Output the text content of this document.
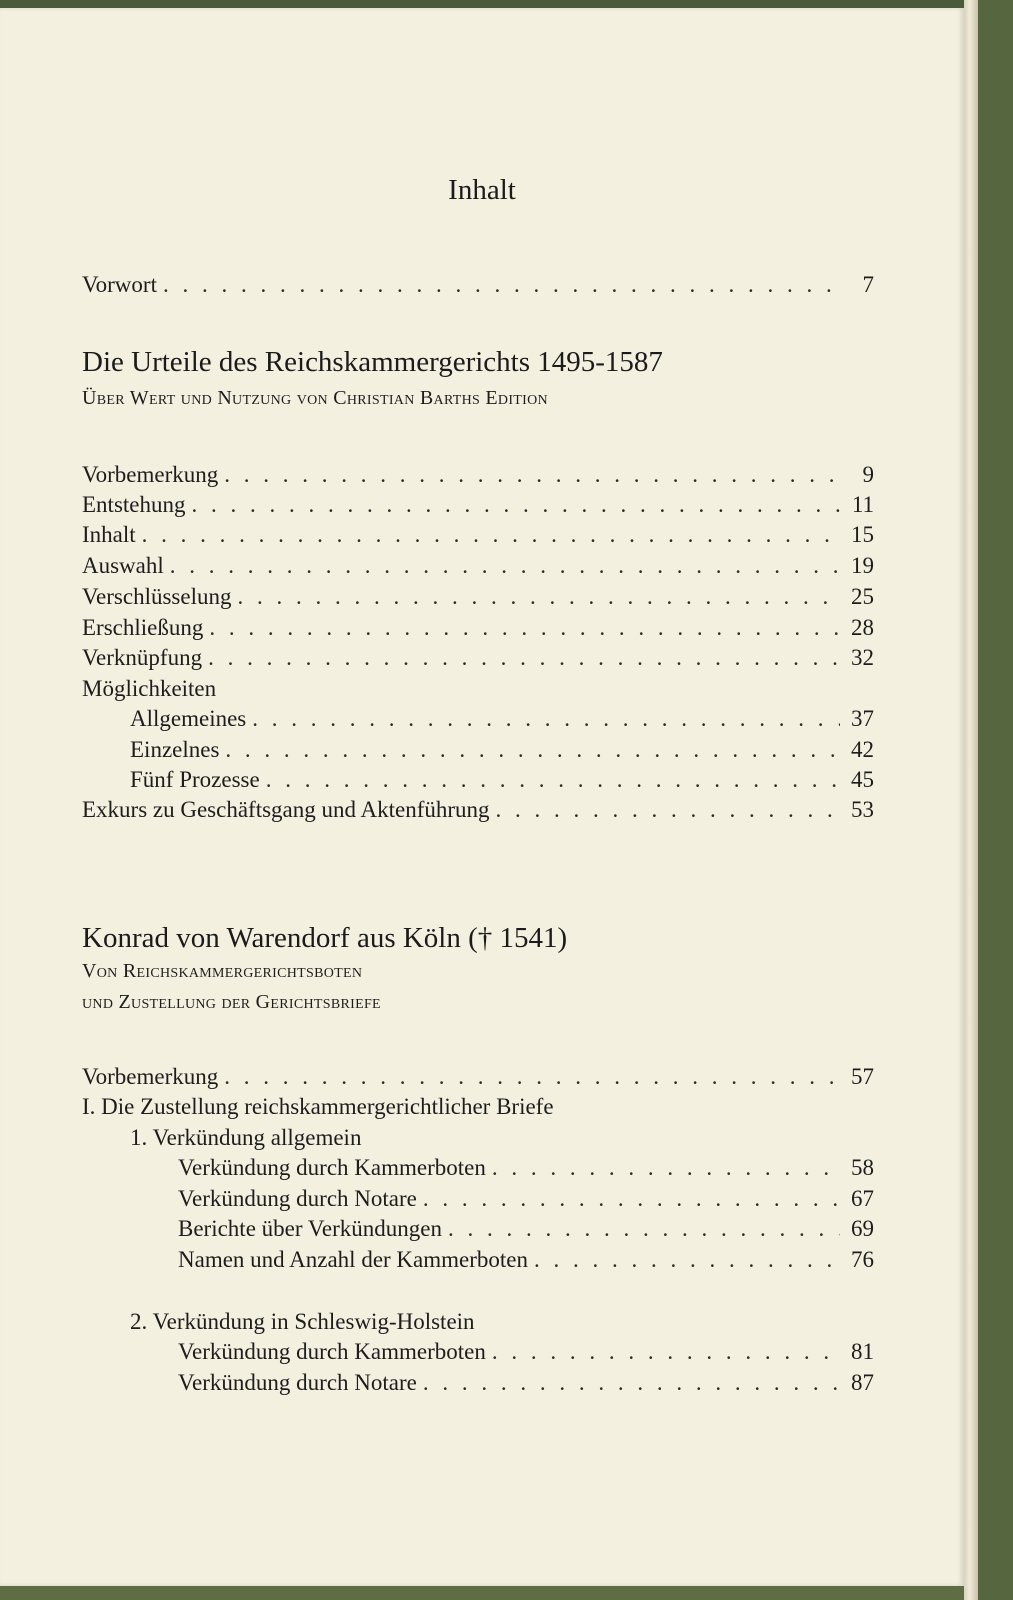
Inhalt
Vorwort . . .	7
Die Urteile des Reichskammergerichts 1495-1587
Über Wert und Nutzung von Christian Barths Edition
Vorbemerkung . . .	9
Entstehung . . .	11
Inhalt . . .	15
Auswahl . . .	19
Verschlüsselung . . .	25
Erschließung . . .	28
Verknüpfung . . .	32
Möglichkeiten
Allgemeines . . .	37
Einzelnes . . .	42
Fünf Prozesse . . .	45
Exkurs zu Geschäftsgang und Aktenführung . . .	53
Konrad von Warendorf aus Köln († 1541)
Von Reichskammergerichtsboten
und Zustellung der Gerichtsbriefe
Vorbemerkung . . .	57
I. Die Zustellung reichskammergerichtlicher Briefe
1. Verkündung allgemein
Verkündung durch Kammerboten . . .	58
Verkündung durch Notare . . .	67
Berichte über Verkündungen . . .	69
Namen und Anzahl der Kammerboten . . .	76
2. Verkündung in Schleswig-Holstein
Verkündung durch Kammerboten . . .	81
Verkündung durch Notare . . .	87
